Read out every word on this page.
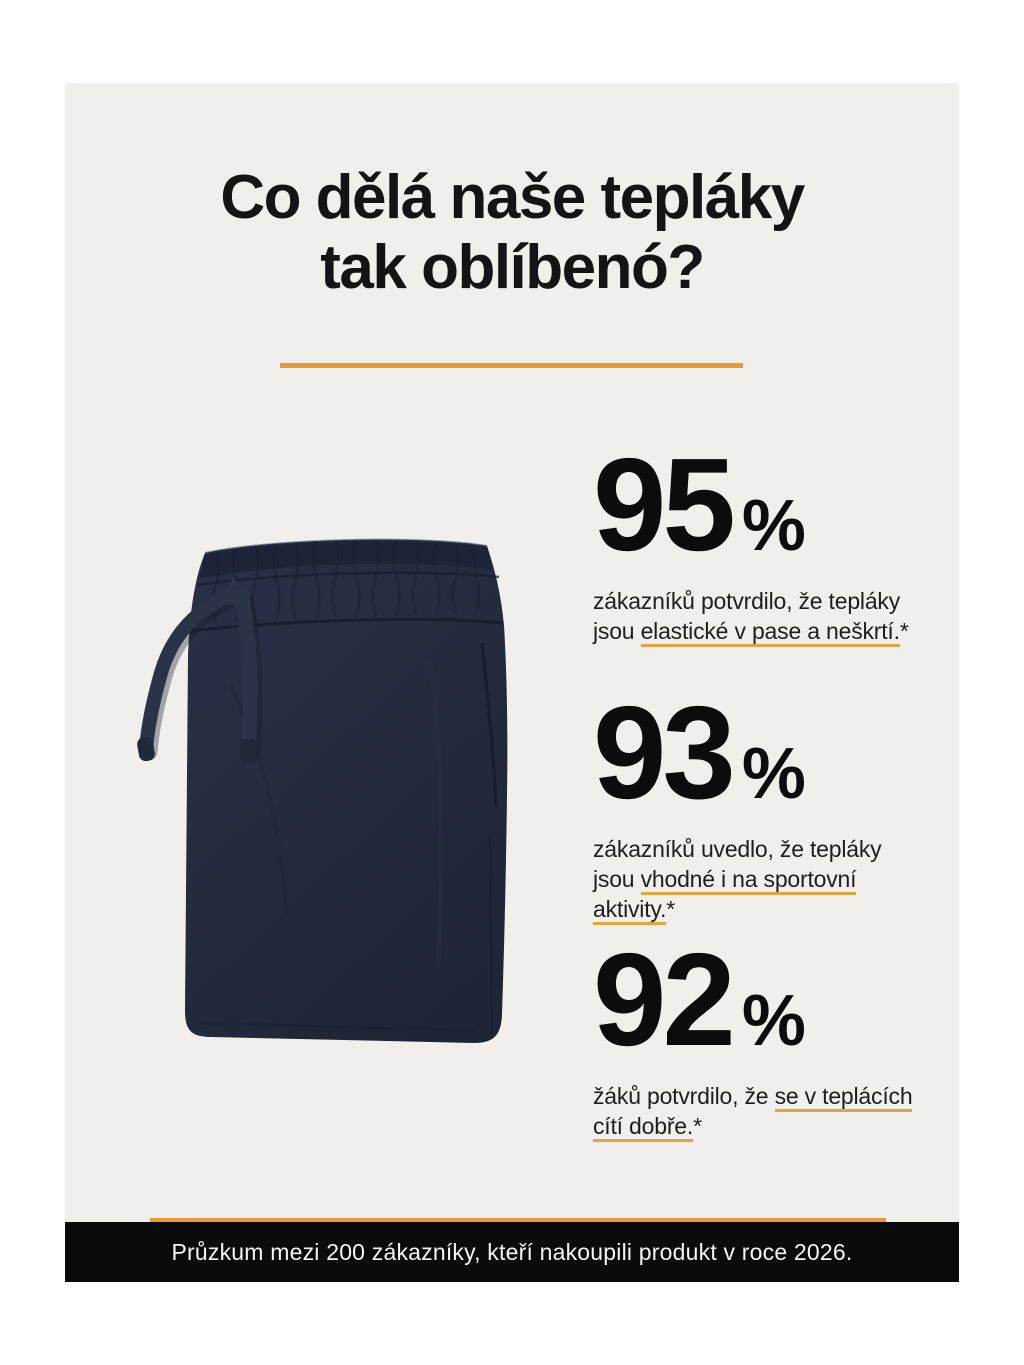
Co dělá naše tepláky
tak oblíbenó?
95 %
zákazníků potvrdilo, že tepláky
jsou elastické v pase a neškrtí.*
93 %
zákazníků uvedlo, že tepláky
jsou vhodné i na sportovní
aktivity.*
92 %
žáků potvrdilo, že se v teplácích
cítí dobře.*
Průzkum mezi 200 zákazníky, kteří nakoupili produkt v roce 2026.
